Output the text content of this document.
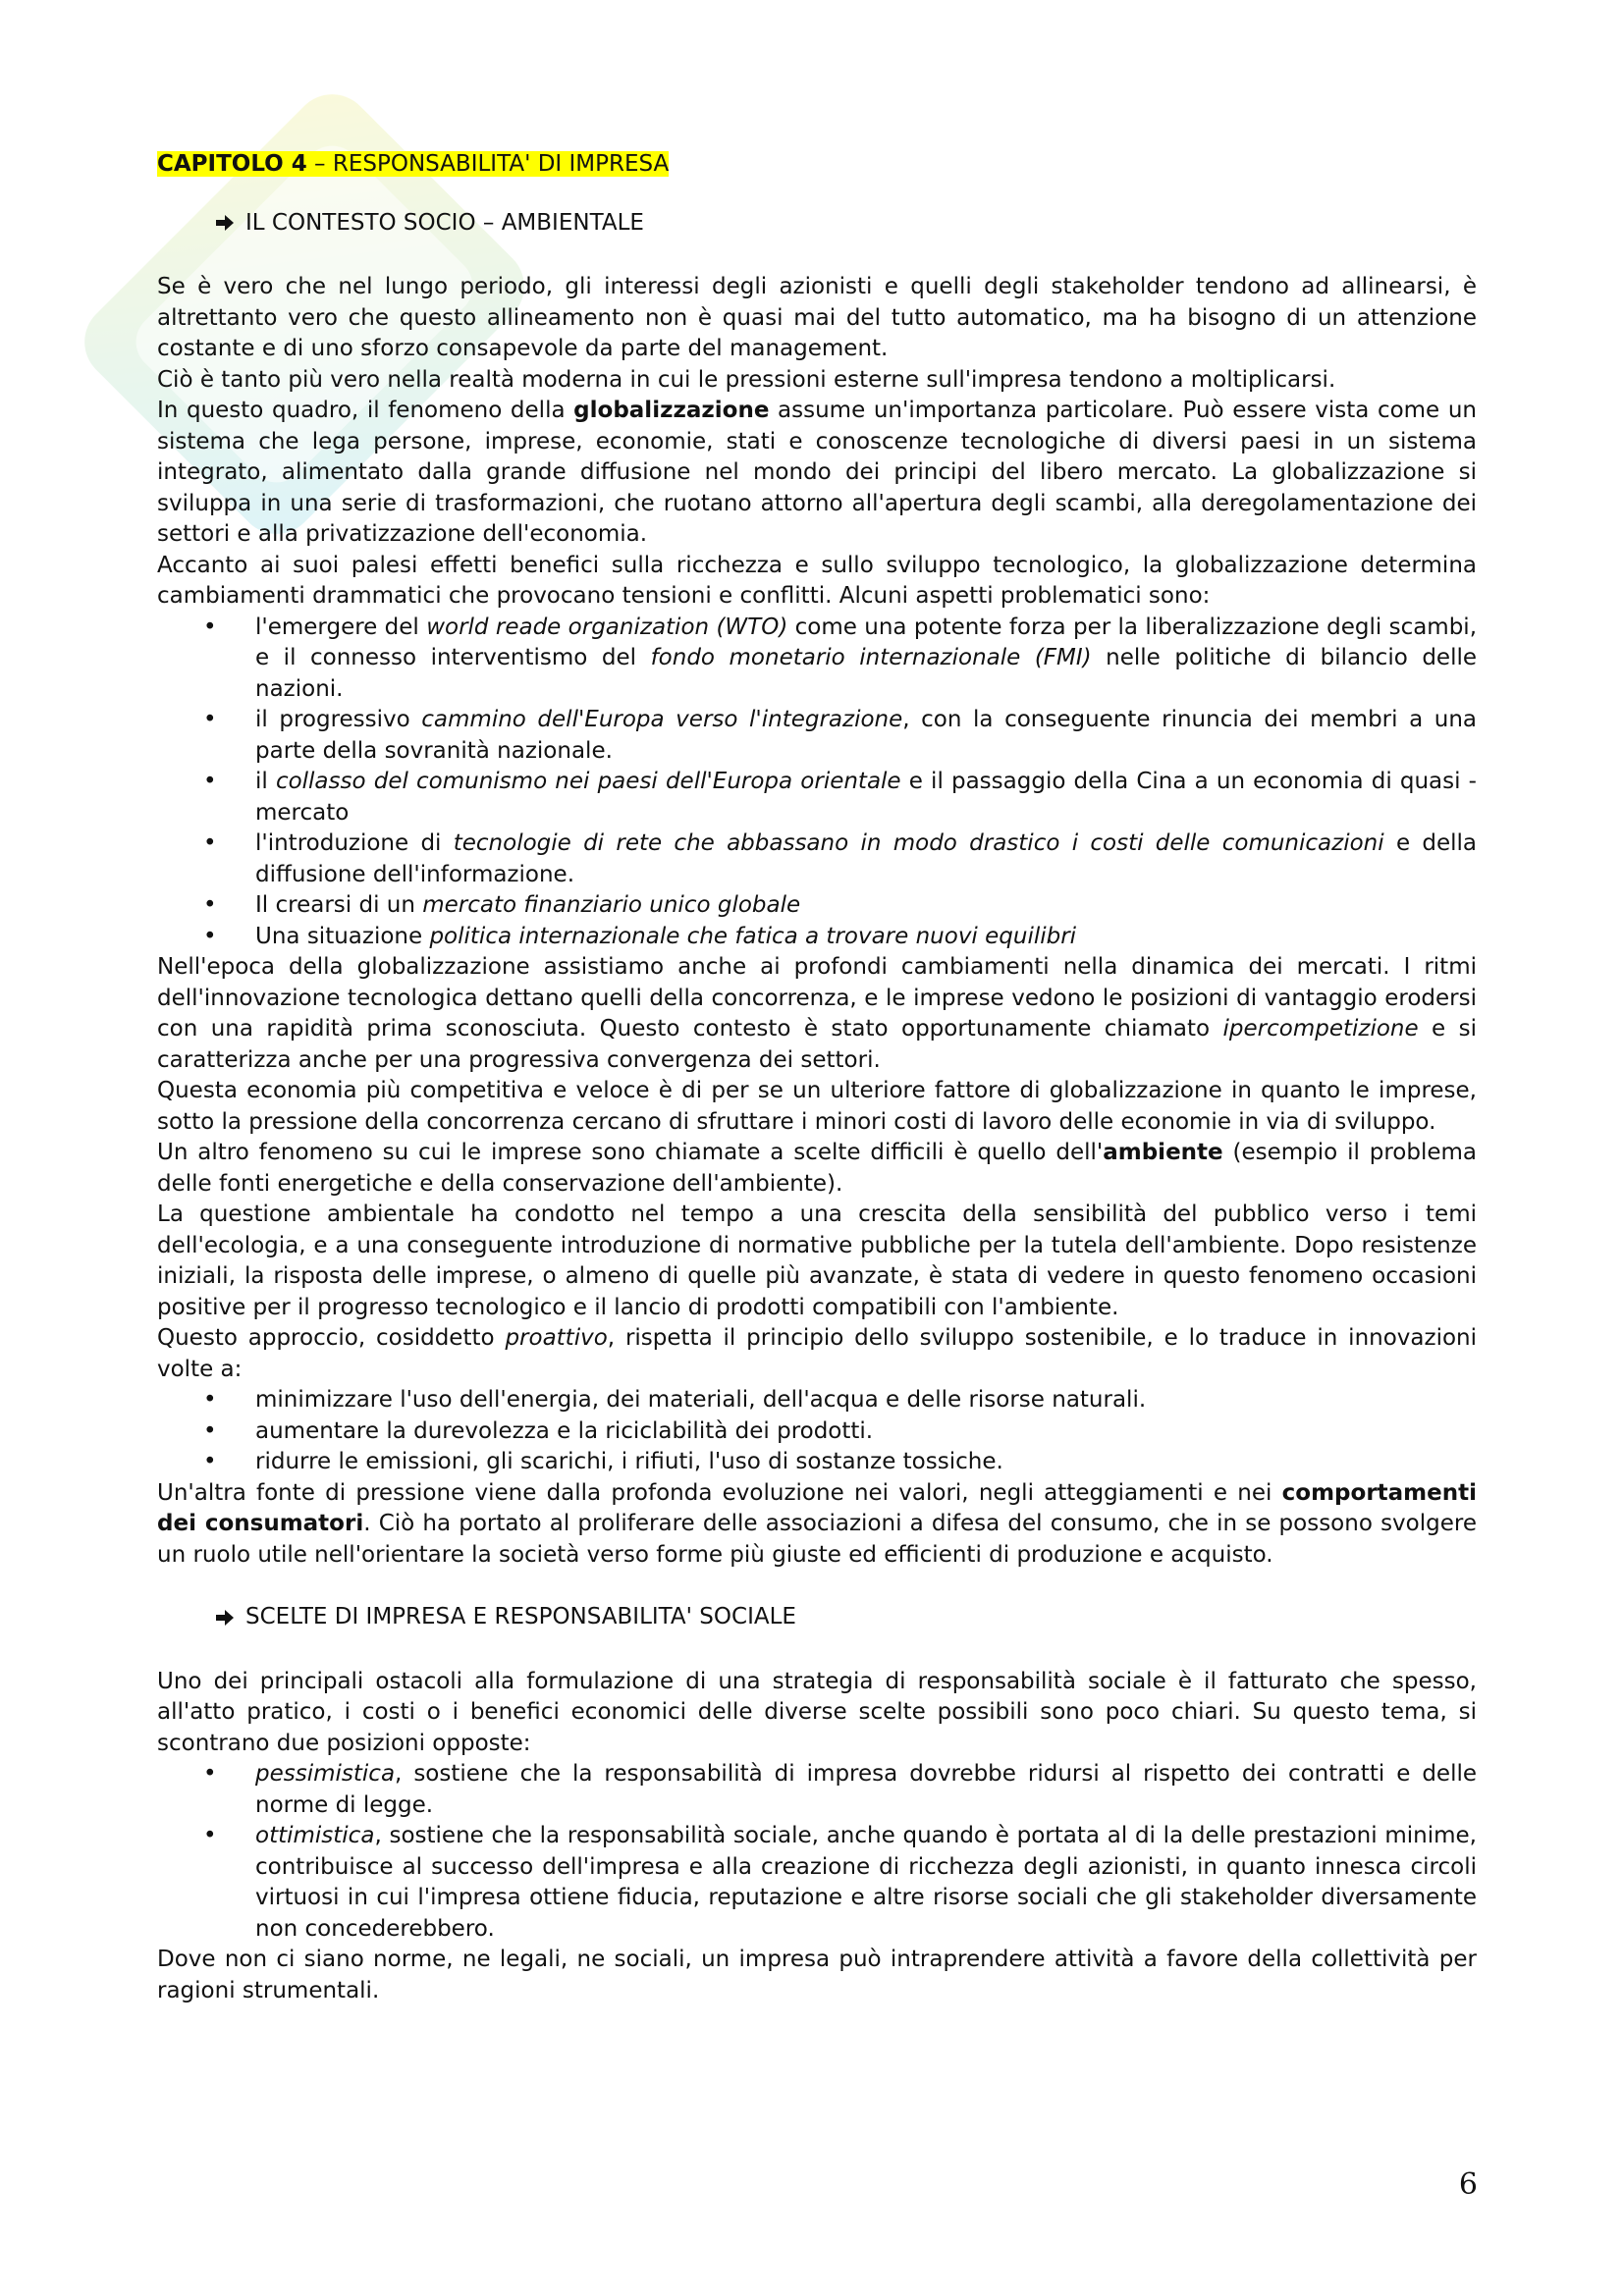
CAPITOLO 4 – RESPONSABILITA' DI IMPRESA
IL CONTESTO SOCIO – AMBIENTALE

Se è vero che nel lungo periodo, gli interessi degli azionisti e quelli degli stakeholder tendono ad allinearsi, è altrettanto vero che questo allineamento non è quasi mai del tutto automatico, ma ha bisogno di un attenzione costante e di uno sforzo consapevole da parte del management.

Ciò è tanto più vero nella realtà moderna in cui le pressioni esterne sull'impresa tendono a moltiplicarsi.

In questo quadro, il fenomeno della globalizzazione assume un'importanza particolare. Può essere vista come un sistema che lega persone, imprese, economie, stati e conoscenze tecnologiche di diversi paesi in un sistema integrato, alimentato dalla grande diffusione nel mondo dei principi del libero mercato. La globalizzazione si sviluppa in una serie di trasformazioni, che ruotano attorno all'apertura degli scambi, alla deregolamentazione dei settori e alla privatizzazione dell'economia.

Accanto ai suoi palesi effetti benefici sulla ricchezza e sullo sviluppo tecnologico, la globalizzazione determina cambiamenti drammatici che provocano tensioni e conflitti. Alcuni aspetti problematici sono:

• l'emergere del world reade organization (WTO) come una potente forza per la liberalizzazione degli scambi, e il connesso interventismo del fondo monetario internazionale (FMI) nelle politiche di bilancio delle nazioni.
• il progressivo cammino dell'Europa verso l'integrazione, con la conseguente rinuncia dei membri a una parte della sovranità nazionale.
• il collasso del comunismo nei paesi dell'Europa orientale e il passaggio della Cina a un economia di quasi - mercato
• l'introduzione di tecnologie di rete che abbassano in modo drastico i costi delle comunicazioni e della diffusione dell'informazione.
• Il crearsi di un mercato finanziario unico globale
• Una situazione politica internazionale che fatica a trovare nuovi equilibri

Nell'epoca della globalizzazione assistiamo anche ai profondi cambiamenti nella dinamica dei mercati. I ritmi dell'innovazione tecnologica dettano quelli della concorrenza, e le imprese vedono le posizioni di vantaggio erodersi con una rapidità prima sconosciuta. Questo contesto è stato opportunamente chiamato ipercompetizione e si caratterizza anche per una progressiva convergenza dei settori.

Questa economia più competitiva e veloce è di per se un ulteriore fattore di globalizzazione in quanto le imprese, sotto la pressione della concorrenza cercano di sfruttare i minori costi di lavoro delle economie in via di sviluppo.

Un altro fenomeno su cui le imprese sono chiamate a scelte difficili è quello dell'ambiente (esempio il problema delle fonti energetiche e della conservazione dell'ambiente).

La questione ambientale ha condotto nel tempo a una crescita della sensibilità del pubblico verso i temi dell'ecologia, e a una conseguente introduzione di normative pubbliche per la tutela dell'ambiente. Dopo resistenze iniziali, la risposta delle imprese, o almeno di quelle più avanzate, è stata di vedere in questo fenomeno occasioni positive per il progresso tecnologico e il lancio di prodotti compatibili con l'ambiente.

Questo approccio, cosiddetto proattivo, rispetta il principio dello sviluppo sostenibile, e lo traduce in innovazioni volte a:

• minimizzare l'uso dell'energia, dei materiali, dell'acqua e delle risorse naturali.
• aumentare la durevolezza e la riciclabilità dei prodotti.
• ridurre le emissioni, gli scarichi, i rifiuti, l'uso di sostanze tossiche.

Un'altra fonte di pressione viene dalla profonda evoluzione nei valori, negli atteggiamenti e nei comportamenti dei consumatori. Ciò ha portato al proliferare delle associazioni a difesa del consumo, che in se possono svolgere un ruolo utile nell'orientare la società verso forme più giuste ed efficienti di produzione e acquisto.

SCELTE DI IMPRESA E RESPONSABILITA' SOCIALE

Uno dei principali ostacoli alla formulazione di una strategia di responsabilità sociale è il fatturato che spesso, all'atto pratico, i costi o i benefici economici delle diverse scelte possibili sono poco chiari. Su questo tema, si scontrano due posizioni opposte:

• pessimistica, sostiene che la responsabilità di impresa dovrebbe ridursi al rispetto dei contratti e delle norme di legge.
• ottimistica, sostiene che la responsabilità sociale, anche quando è portata al di la delle prestazioni minime, contribuisce al successo dell'impresa e alla creazione di ricchezza degli azionisti, in quanto innesca circoli virtuosi in cui l'impresa ottiene fiducia, reputazione e altre risorse sociali che gli stakeholder diversamente non concederebbero.

Dove non ci siano norme, ne legali, ne sociali, un impresa può intraprendere attività a favore della collettività per ragioni strumentali.

6
